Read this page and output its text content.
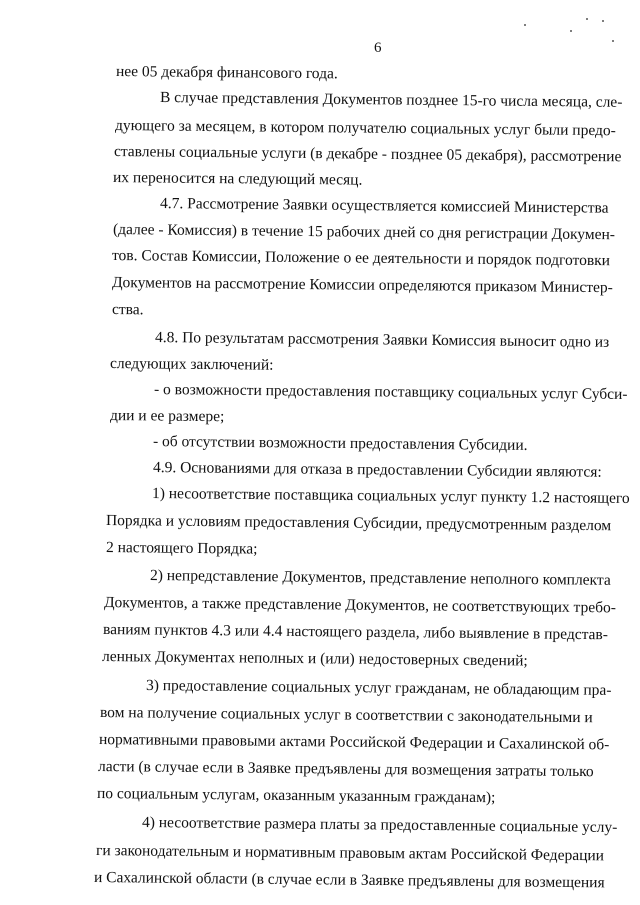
6
нее 05 декабря финансового года.
В случае представления Документов позднее 15-го числа месяца, сле-
дующего за месяцем, в котором получателю социальных услуг были предо-
ставлены социальные услуги (в декабре - позднее 05 декабря), рассмотрение
их переносится на следующий месяц.
4.7. Рассмотрение Заявки осуществляется комиссией Министерства
(далее - Комиссия) в течение 15 рабочих дней со дня регистрации Докумен-
тов. Состав Комиссии, Положение о ее деятельности и порядок подготовки
Документов на рассмотрение Комиссии определяются приказом Министер-
ства.
4.8. По результатам рассмотрения Заявки Комиссия выносит одно из
следующих заключений:
- о возможности предоставления поставщику социальных услуг Субси-
дии и ее размере;
- об отсутствии возможности предоставления Субсидии.
4.9. Основаниями для отказа в предоставлении Субсидии являются:
1) несоответствие поставщика социальных услуг пункту 1.2 настоящего
Порядка и условиям предоставления Субсидии, предусмотренным разделом
2 настоящего Порядка;
2) непредставление Документов, представление неполного комплекта
Документов, а также представление Документов, не соответствующих требо-
ваниям пунктов 4.3 или 4.4 настоящего раздела, либо выявление в представ-
ленных Документах неполных и (или) недостоверных сведений;
3) предоставление социальных услуг гражданам, не обладающим пра-
вом на получение социальных услуг в соответствии с законодательными и
нормативными правовыми актами Российской Федерации и Сахалинской об-
ласти (в случае если в Заявке предъявлены для возмещения затраты только
по социальным услугам, оказанным указанным гражданам);
4) несоответствие размера платы за предоставленные социальные услу-
ги законодательным и нормативным правовым актам Российской Федерации
и Сахалинской области (в случае если в Заявке предъявлены для возмещения
